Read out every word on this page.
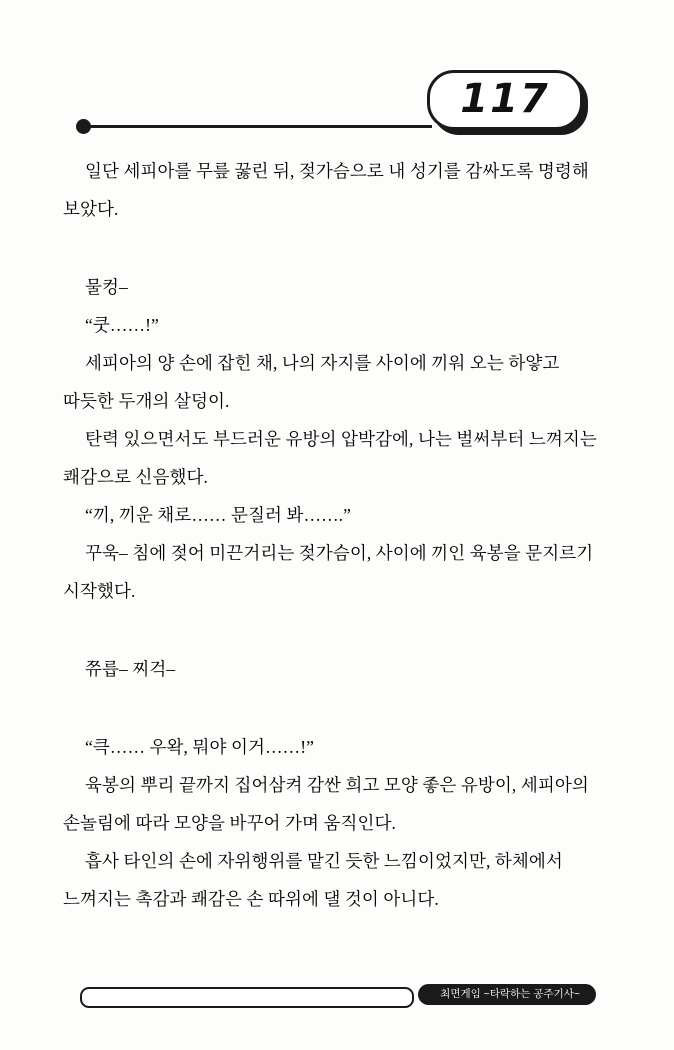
117

일단 세피아를 무릎 꿇린 뒤, 젖가슴으로 내 성기를 감싸도록 명령해 보았다.

물컹–

“쿳……!”

세피아의 양 손에 잡힌 채, 나의 자지를 사이에 끼워 오는 하얗고 따듯한 두개의 살덩이.

탄력 있으면서도 부드러운 유방의 압박감에, 나는 벌써부터 느껴지는 쾌감으로 신음했다.

“끼, 끼운 채로…… 문질러 봐…….”

꾸욱– 침에 젖어 미끈거리는 젖가슴이, 사이에 끼인 육봉을 문지르기 시작했다.

쮸릅– 찌걱–

“큭…… 우왁, 뭐야 이거……!”

육봉의 뿌리 끝까지 집어삼켜 감싼 희고 모양 좋은 유방이, 세피아의 손놀림에 따라 모양을 바꾸어 가며 움직인다.

흡사 타인의 손에 자위행위를 맡긴 듯한 느낌이었지만, 하체에서 느껴지는 촉감과 쾌감은 손 따위에 댈 것이 아니다.

최면게임 ~타락하는 공주기사~
